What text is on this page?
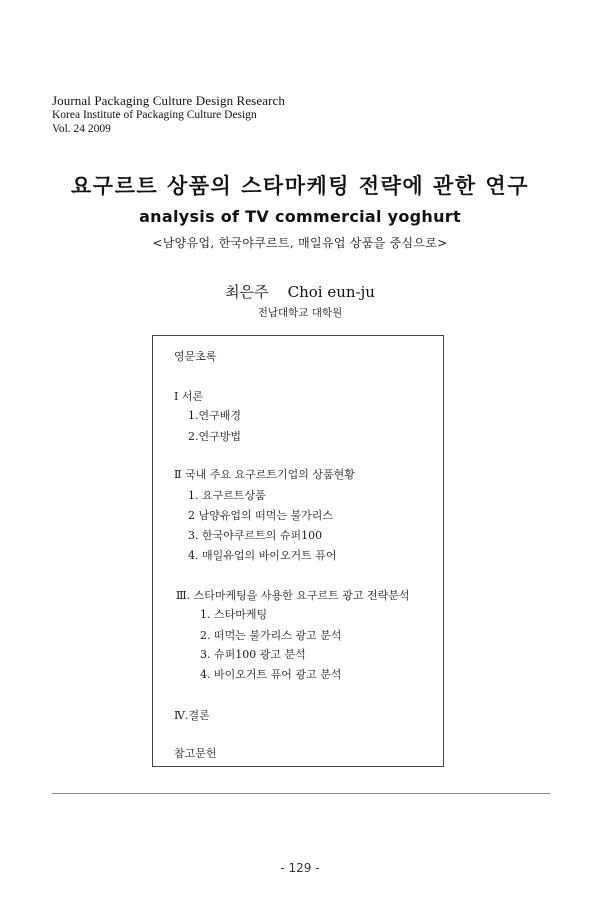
Journal Packaging Culture Design Research
Korea Institute of Packaging Culture Design
Vol. 24 2009
요구르트 상품의 스타마케팅 전략에 관한 연구
analysis of TV commercial yoghurt
<남양유업, 한국야쿠르트, 매일유업 상품을 중심으로>
최은주    Choi eun-ju
전남대학교 대학원
영문초록
Ⅰ 서론
1.연구배경
2.연구방법
Ⅱ 국내 주요 요구르트기업의 상품현황
1. 요구르트상품
2 남양유업의 떠먹는 불가리스
3. 한국야쿠르트의 슈퍼100
4. 매일유업의 바이오거트 퓨어
Ⅲ. 스타마케팅을 사용한 요구르트 광고 전략분석
1. 스타마케팅
2. 떠먹는 불가리스 광고 분석
3. 슈퍼100 광고 분석
4. 바이오거트 퓨어 광고 분석
Ⅳ.결론
참고문헌
- 129 -
